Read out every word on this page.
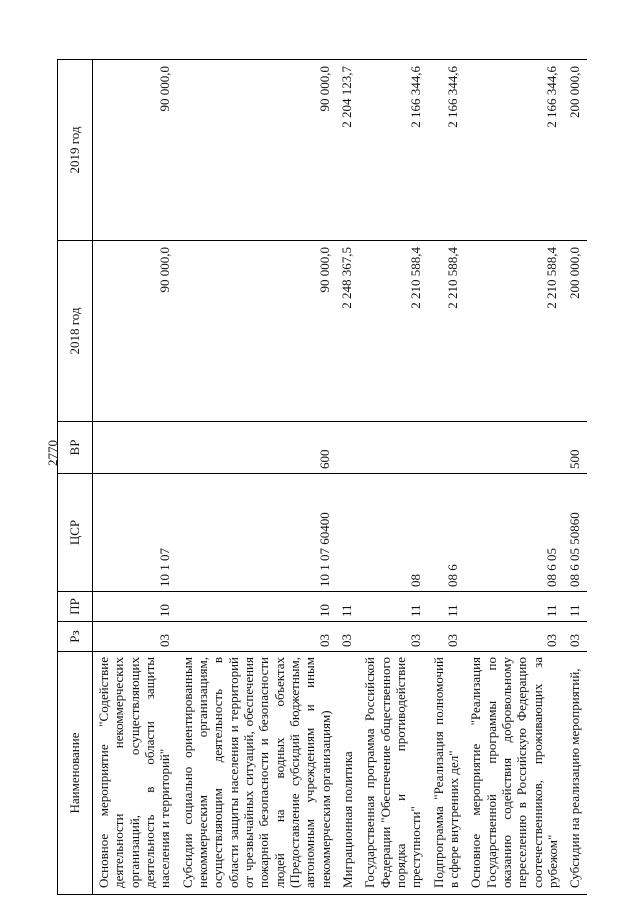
2770
Наименование	Рз	ПР	ЦСР	ВР	2018 год	2019 год
Основное мероприятие "Содействие деятельности некоммерческих организаций, осуществляющих деятельность в области защиты населения и территорий"	03	10	10 1 07		90 000,0	90 000,0
Субсидии социально ориентированным некоммерческим организациям, осуществляющим деятельность в области защиты населения и территорий от чрезвычайных ситуаций, обеспечения пожарной безопасности и безопасности людей на водных объектах (Предоставление субсидий бюджетным, автономным учреждениям и иным некоммерческим организациям)	03	10	10 1 07 60400	600	90 000,0	90 000,0
Миграционная политика	03	11			2 248 367,5	2 204 123,7
Государственная программа Российской Федерации "Обеспечение общественного порядка и противодействие преступности"	03	11	08		2 210 588,4	2 166 344,6
Подпрограмма "Реализация полномочий в сфере внутренних дел"	03	11	08 6		2 210 588,4	2 166 344,6
Основное мероприятие "Реализация Государственной программы по оказанию содействия добровольному переселению в Российскую Федерацию соотечественников, проживающих за рубежом"	03	11	08 6 05		2 210 588,4	2 166 344,6
Субсидии на реализацию мероприятий,	03	11	08 6 05 50860	500	200 000,0	200 000,0
